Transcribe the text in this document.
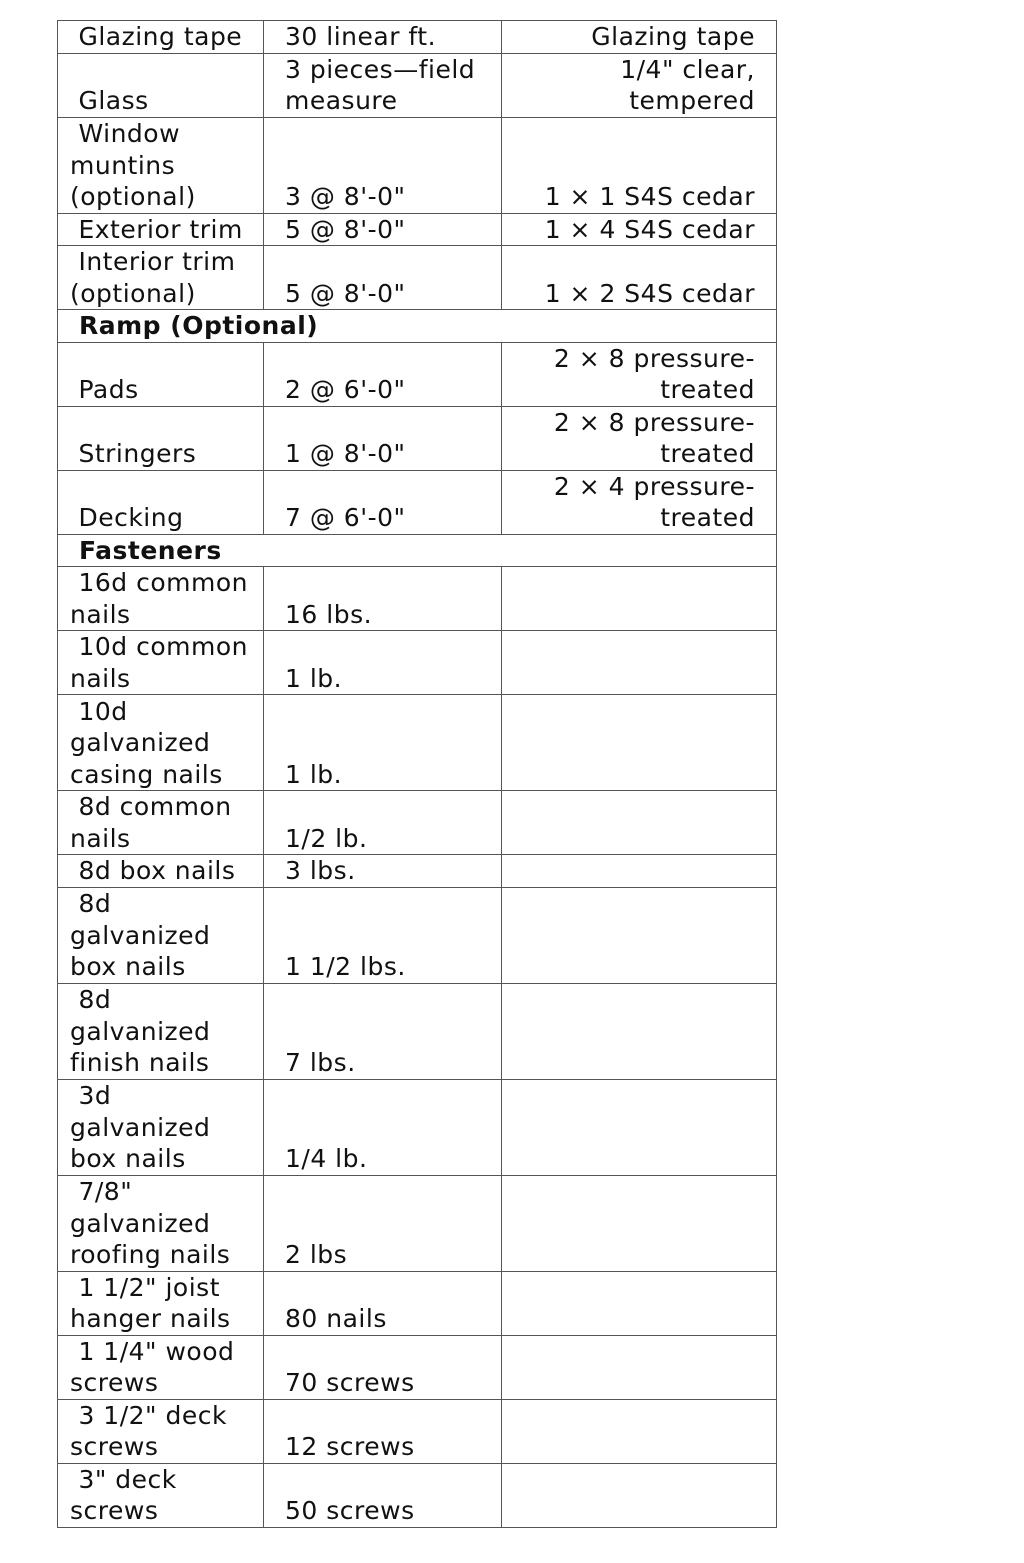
Glazing tape	30 linear ft.	Glazing tape
Glass	3 pieces—field measure	1/4" clear, tempered
Window muntins (optional)	3 @ 8'-0"	1 × 1 S4S cedar
Exterior trim	5 @ 8'-0"	1 × 4 S4S cedar
Interior trim (optional)	5 @ 8'-0"	1 × 2 S4S cedar
Ramp (Optional)		
Pads	2 @ 6'-0"	2 × 8 pressure-treated
Stringers	1 @ 8'-0"	2 × 8 pressure-treated
Decking	7 @ 6'-0"	2 × 4 pressure-treated
Fasteners		
16d common nails	16 lbs.	
10d common nails	1 lb.	
10d galvanized casing nails	1 lb.	
8d common nails	1/2 lb.	
8d box nails	3 lbs.	
8d galvanized box nails	1 1/2 lbs.	
8d galvanized finish nails	7 lbs.	
3d galvanized box nails	1/4 lb.	
7/8" galvanized roofing nails	2 lbs	
1 1/2" joist hanger nails	80 nails	
1 1/4" wood screws	70 screws	
3 1/2" deck screws	12 screws	
3" deck screws	50 screws	
